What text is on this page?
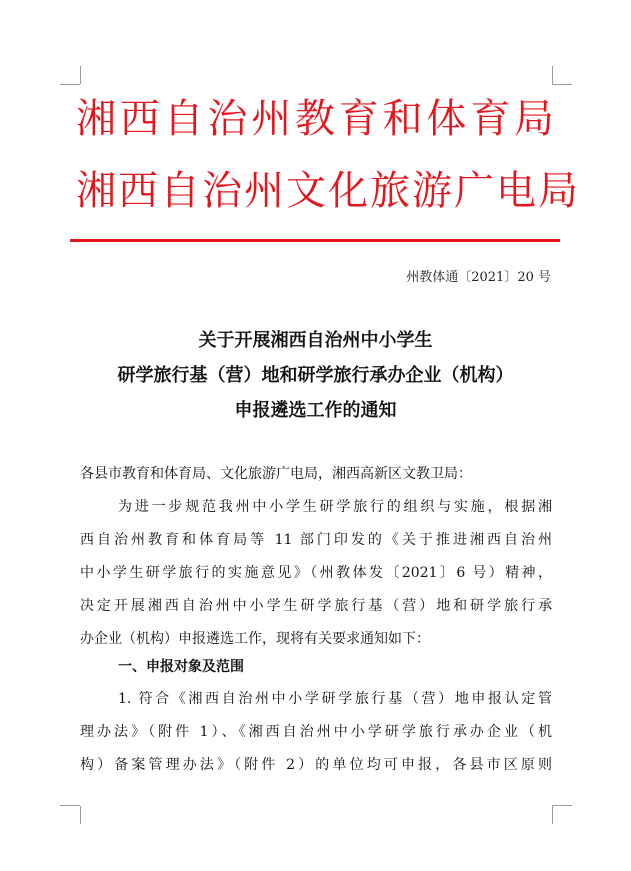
湘西自治州教育和体育局
湘西自治州文化旅游广电局
州教体通〔2021〕20 号
关于开展湘西自治州中小学生
研学旅行基（营）地和研学旅行承办企业（机构）
申报遴选工作的通知
各县市教育和体育局、文化旅游广电局，湘西高新区文教卫局：
为进一步规范我州中小学生研学旅行的组织与实施，根据湘
西自治州教育和体育局等 11 部门印发的《关于推进湘西自治州
中小学生研学旅行的实施意见》（州教体发〔2021〕6 号）精神，
决定开展湘西自治州中小学生研学旅行基（营）地和研学旅行承
办企业（机构）申报遴选工作，现将有关要求通知如下：
一、申报对象及范围
1. 符合《湘西自治州中小学研学旅行基（营）地申报认定管
理办法》（附件 1）、《湘西自治州中小学研学旅行承办企业（机
构）备案管理办法》（附件 2）的单位均可申报，各县市区原则
